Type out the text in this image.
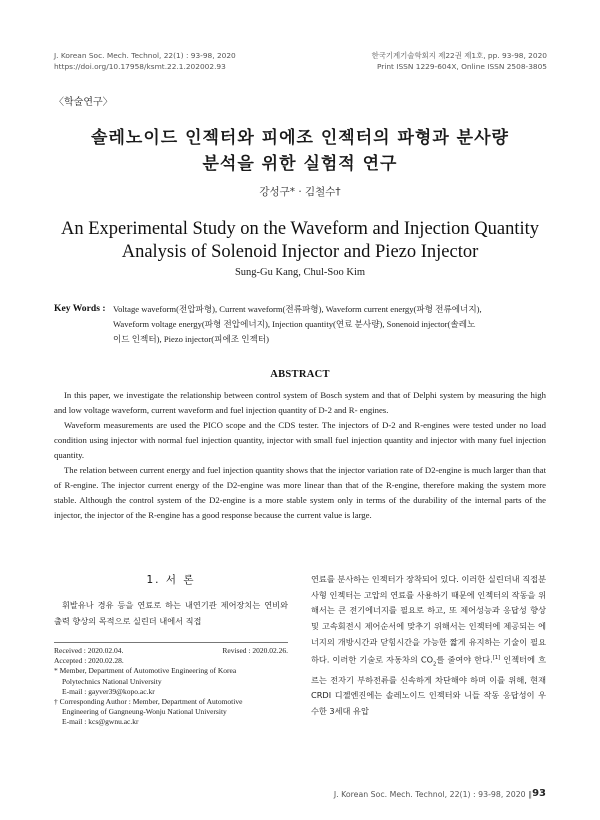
J. Korean Soc. Mech. Technol, 22(1) : 93-98, 2020
https://doi.org/10.17958/ksmt.22.1.202002.93
한국기계기술학회지 제22권 제1호, pp. 93-98, 2020
Print ISSN 1229-604X, Online ISSN 2508-3805
〈학술연구〉
솔레노이드 인젝터와 피에조 인젝터의 파형과 분사량
분석을 위한 실험적 연구
강성구* · 김철수†
An Experimental Study on the Waveform and Injection Quantity
Analysis of Solenoid Injector and Piezo Injector
Sung-Gu Kang, Chul-Soo Kim
Key Words : Voltage waveform(전압파형), Current waveform(전류파형), Waveform current energy(파형 전류에너지),
Waveform voltage energy(파형 전압에너지), Injection quantity(연료 분사량), Sonenoid injector(솔레노
이드 인젝터), Piezo injector(피에조 인젝터)
ABSTRACT

In this paper, we investigate the relationship between control system of Bosch system and that of Delphi system by measuring the high and low voltage waveform, current waveform and fuel injection quantity of D-2 and R- engines.

Waveform measurements are used the PICO scope and the CDS tester. The injectors of D-2 and R-engines were tested under no load condition using injector with normal fuel injection quantity, injector with small fuel injection quantity and injector with many fuel injection quantity.

The relation between current energy and fuel injection quantity shows that the injector variation rate of D2-engine is much larger than that of R-engine. The injector current energy of the D2-engine was more linear than that of the R-engine, therefore making the system more stable. Although the control system of the D2-engine is a more stable system only in terms of the durability of the internal parts of the injector, the injector of the R-engine has a good response because the current value is large.

1. 서 론

휘발유나 경유 등을 연료로 하는 내연기관 제어장치는 연비와 출력 향상의 목적으로 실린더 내에서 직접

Received : 2020.02.04.	Revised : 2020.02.26.
Accepted : 2020.02.28.
* Member, Department of Automotive Engineering of Korea
Polytechnics National University
E-mail : gayver39@kopo.ac.kr
† Corresponding Author : Member, Department of Automotive
Engineering of Gangneung-Wonju National University
E-mail : kcs@gwnu.ac.kr

연료를 분사하는 인젝터가 장착되어 있다. 이러한 실린더내 직접분사형 인젝터는 고압의 연료를 사용하기 때문에 인젝터의 작동을 위해서는 큰 전기에너지를 필요로 하고, 또 제어성능과 응답성 향상 및 고속회전시 제어순서에 맞추기 위해서는 인젝터에 제공되는 에너지의 개방시간과 닫힘시간을 가능한 짧게 유지하는 기술이 필요하다. 이러한 기술로 자동차의 $CO_2$를 줄여야 한다.[1] 인젝터에 흐르는 전자기 부하전류를 신속하게 차단해야 하며 이를 위해, 현재 CRDI 디젤엔진에는 솔레노이드 인젝터와 니들 작동 응답성이 우수한 3세대 유압

J. Korean Soc. Mech. Technol, 22(1) : 93-98, 2020 ∥ 93
